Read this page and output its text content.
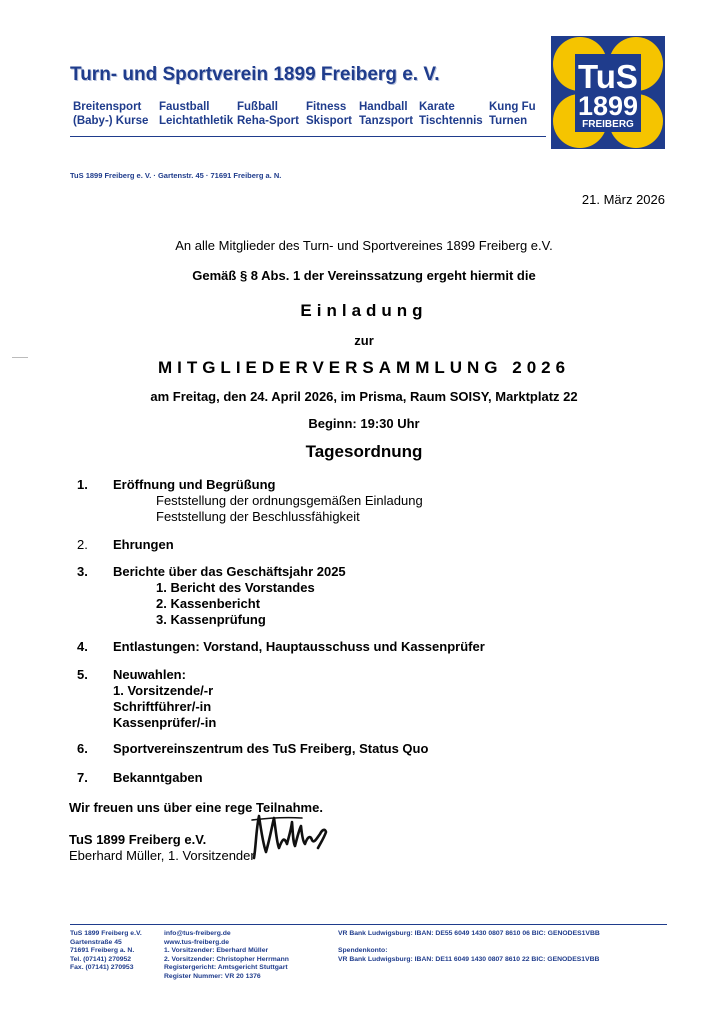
Turn- und Sportverein 1899 Freiberg e. V.
Breitensport Faustball Fußball Fitness Handball Karate	Kung Fu
(Baby-) Kurse Leichtathletik Reha-Sport Skisport Tanzsport Tischtennis Turnen
TuS
1899
FREIBERG
TuS 1899 Freiberg e. V. · Gartenstr. 45 · 71691 Freiberg a. N.
21. März 2026
An alle Mitglieder des Turn- und Sportvereines 1899 Freiberg e.V.
Gemäß § 8 Abs. 1 der Vereinssatzung ergeht hiermit die
Einladung
zur
MITGLIEDERVERSAMMLUNG 2026
am Freitag, den 24. April 2026, im Prisma, Raum SOISY, Marktplatz 22
Beginn: 19:30 Uhr
Tagesordnung
1. Eröffnung und Begrüßung
Feststellung der ordnungsgemäßen Einladung
Feststellung der Beschlussfähigkeit
2. Ehrungen
3. Berichte über das Geschäftsjahr 2025
1. Bericht des Vorstandes
2. Kassenbericht
3. Kassenprüfung
4. Entlastungen: Vorstand, Hauptausschuss und Kassenprüfer
5. Neuwahlen:
1. Vorsitzende/-r
Schriftführer/-in
Kassenprüfer/-in
6. Sportvereinszentrum des TuS Freiberg, Status Quo
7. Bekanntgaben
Wir freuen uns über eine rege Teilnahme.
TuS 1899 Freiberg e.V.
Eberhard Müller, 1. Vorsitzender
TuS 1899 Freiberg e.V.
Gartenstraße 45
71691 Freiberg a. N.
Tel. (07141) 270952
Fax. (07141) 270953
info@tus-freiberg.de
www.tus-freiberg.de
1. Vorsitzender: Eberhard Müller
2. Vorsitzender: Christopher Herrmann
Registergericht: Amtsgericht Stuttgart
Register Nummer: VR 20 1376
VR Bank Ludwigsburg: IBAN: DE55 6049 1430 0807 8610 06 BIC: GENODES1VBB

Spendenkonto:
VR Bank Ludwigsburg: IBAN: DE11 6049 1430 0807 8610 22 BIC: GENODES1VBB
